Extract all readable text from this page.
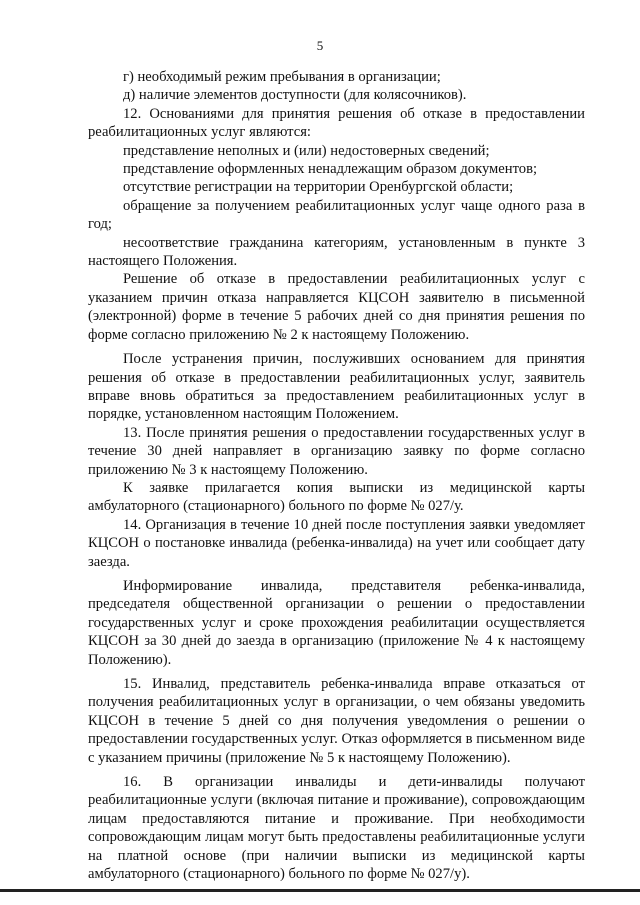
5

г) необходимый режим пребывания в организации;

д) наличие элементов доступности (для колясочников).

12. Основаниями для принятия решения об отказе в предоставлении реабилитационных услуг являются:

представление неполных и (или) недостоверных сведений;

представление оформленных ненадлежащим образом документов;

отсутствие регистрации на территории Оренбургской области;

обращение за получением реабилитационных услуг чаще одного раза в год;

несоответствие гражданина категориям, установленным в пункте 3 настоящего Положения.

Решение об отказе в предоставлении реабилитационных услуг с указанием причин отказа направляется КЦСОН заявителю в письменной (электронной) форме в течение 5 рабочих дней со дня принятия решения по форме согласно приложению № 2 к настоящему Положению.

После устранения причин, послуживших основанием для принятия решения об отказе в предоставлении реабилитационных услуг, заявитель вправе вновь обратиться за предоставлением реабилитационных услуг в порядке, установленном настоящим Положением.

13. После принятия решения о предоставлении государственных услуг в течение 30 дней направляет в организацию заявку по форме согласно приложению № 3 к настоящему Положению.

К заявке прилагается копия выписки из медицинской карты амбулаторного (стационарного) больного по форме № 027/у.

14. Организация в течение 10 дней после поступления заявки уведомляет КЦСОН о постановке инвалида (ребенка-инвалида) на учет или сообщает дату заезда.

Информирование инвалида, представителя ребенка-инвалида, председателя общественной организации о решении о предоставлении государственных услуг и сроке прохождения реабилитации осуществляется КЦСОН за 30 дней до заезда в организацию (приложение № 4 к настоящему Положению).

15. Инвалид, представитель ребенка-инвалида вправе отказаться от получения реабилитационных услуг в организации, о чем обязаны уведомить КЦСОН в течение 5 дней со дня получения уведомления о решении о предоставлении государственных услуг. Отказ оформляется в письменном виде с указанием причины (приложение № 5 к настоящему Положению).

16. В организации инвалиды и дети-инвалиды получают реабилитационные услуги (включая питание и проживание), сопровождающим лицам предоставляются питание и проживание. При необходимости сопровождающим лицам могут быть предоставлены реабилитационные услуги на платной основе (при наличии выписки из медицинской карты амбулаторного (стационарного) больного по форме № 027/у).
